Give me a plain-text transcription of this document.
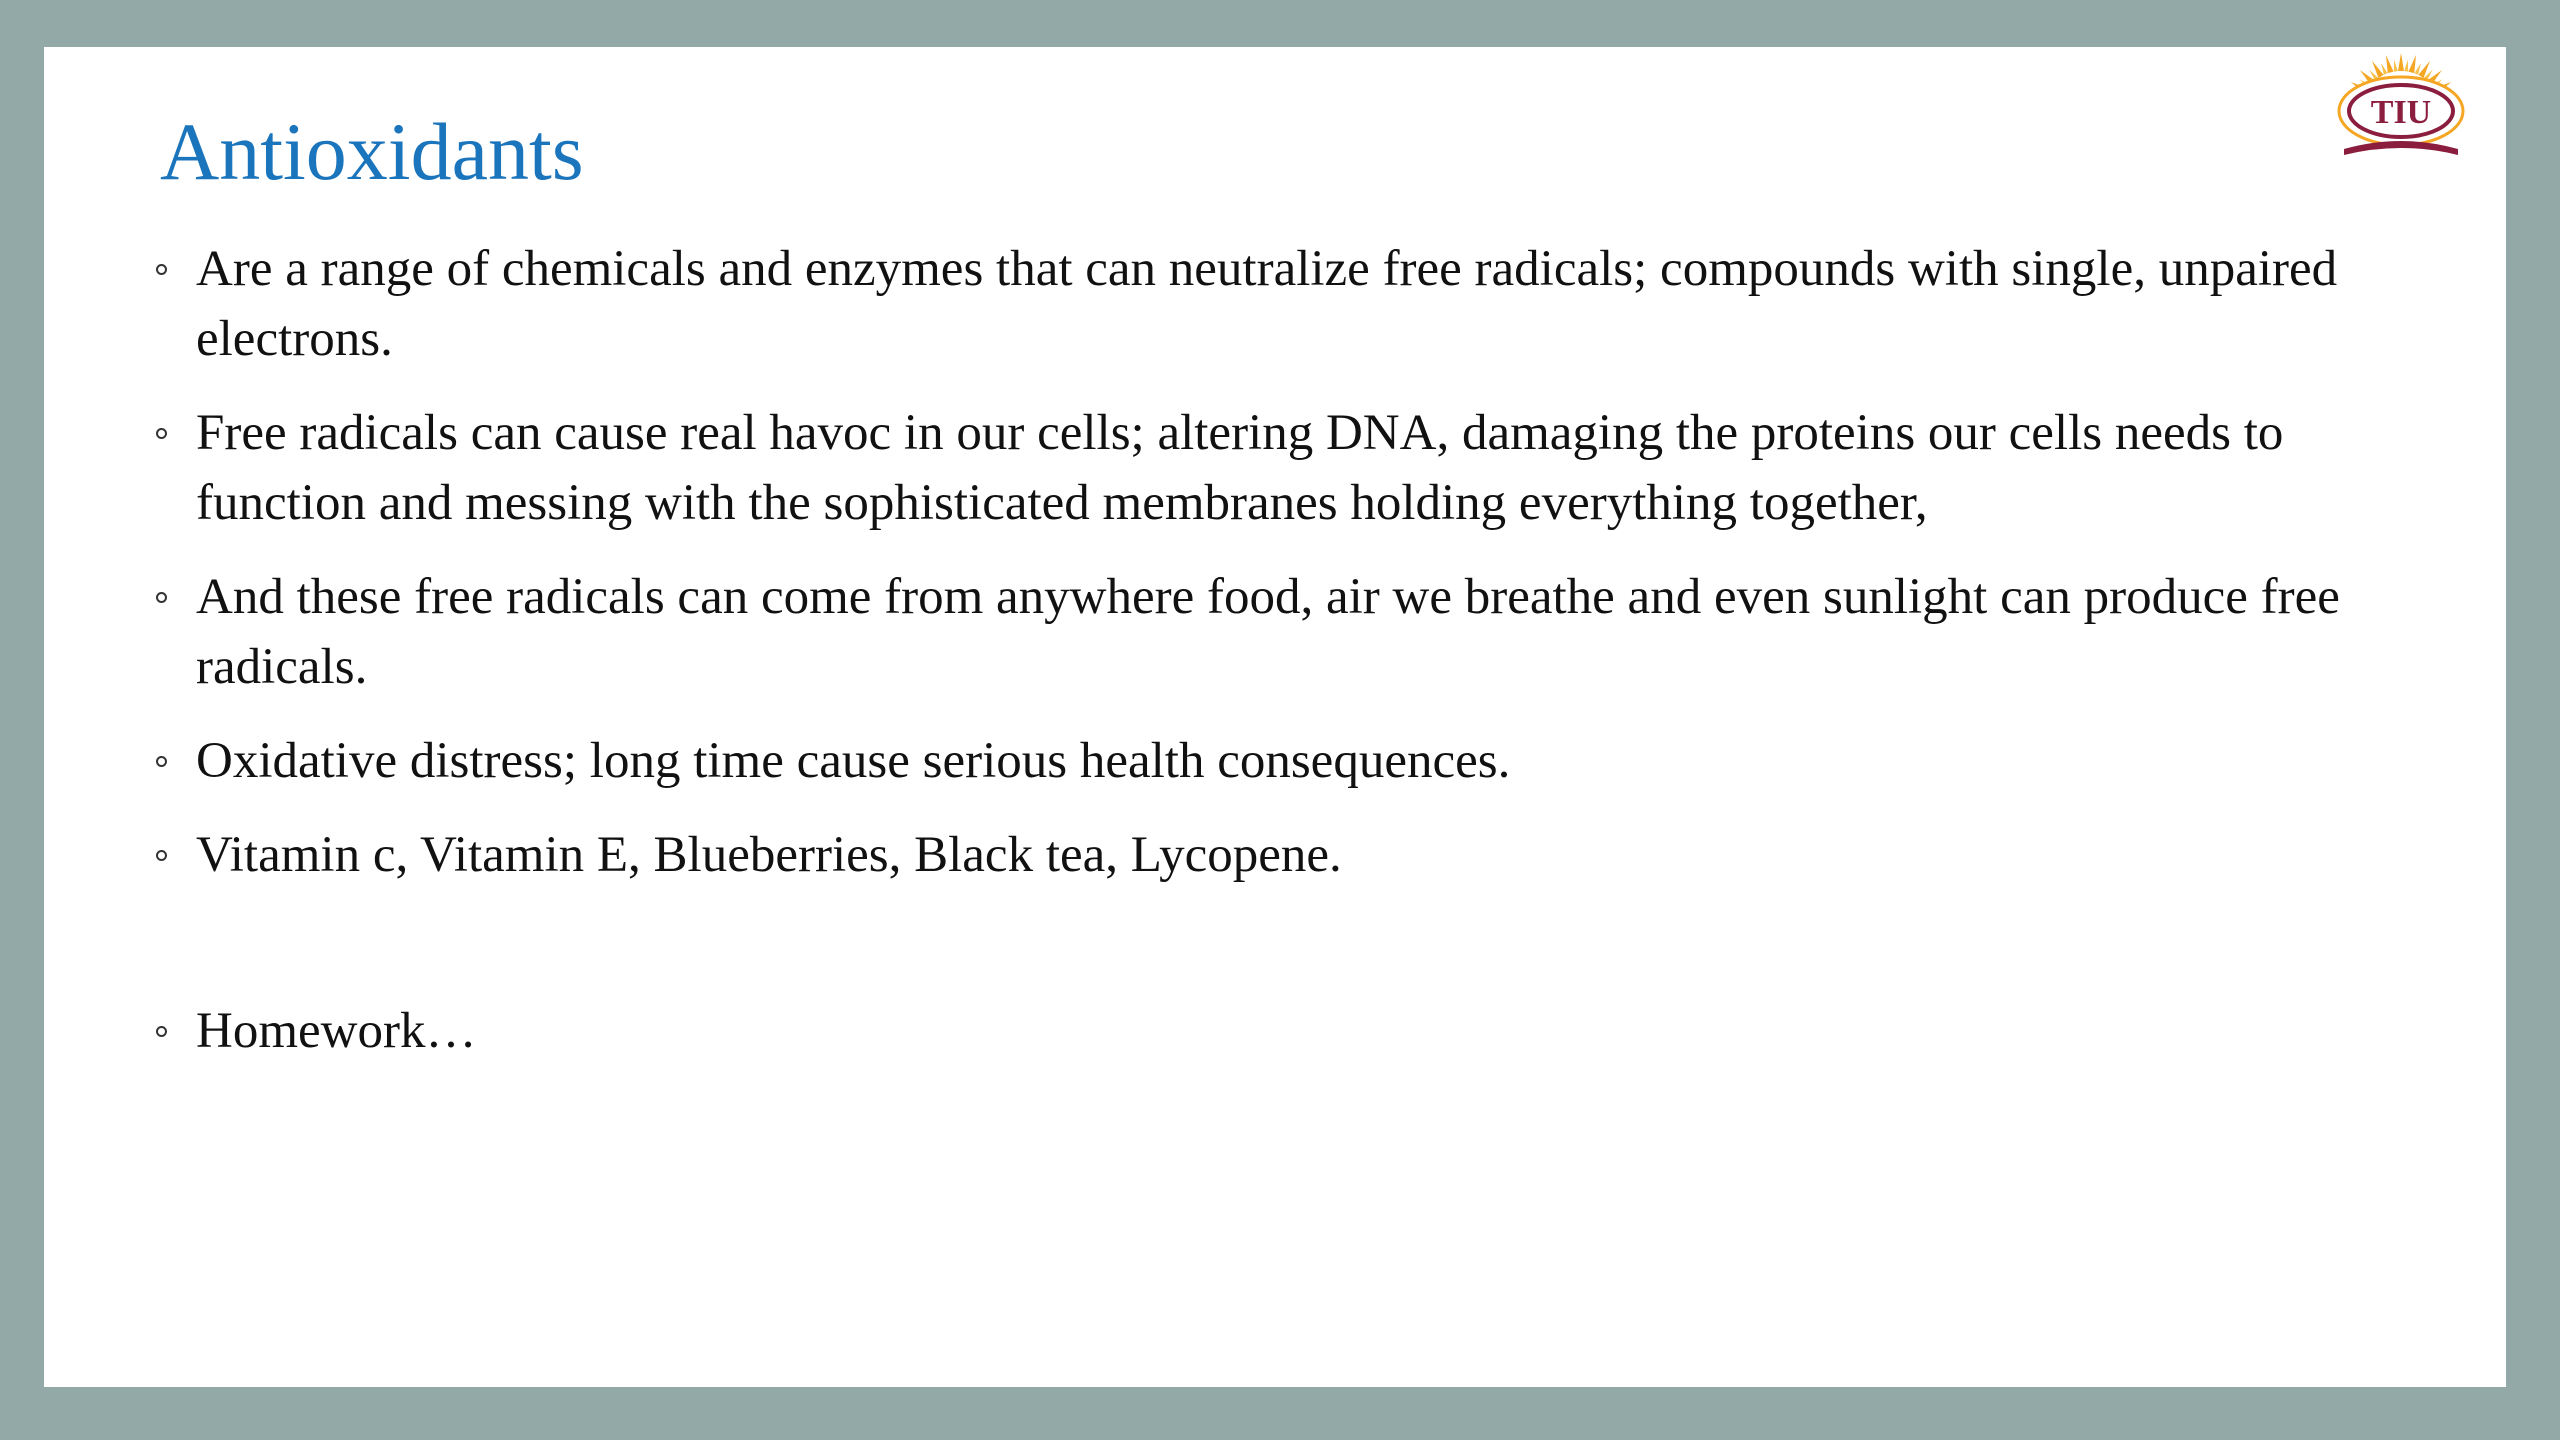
Antioxidants	TIU
Are a range of chemicals and enzymes that can neutralize free radicals; compounds with single, unpaired electrons.
Free radicals can cause real havoc in our cells; altering DNA, damaging the proteins our cells needs to function and messing with the sophisticated membranes holding everything together,
And these free radicals can come from anywhere food, air we breathe and even sunlight can produce free radicals.
Oxidative distress; long time cause serious health consequences.
Vitamin c, Vitamin E, Blueberries, Black tea, Lycopene.
Homework…
